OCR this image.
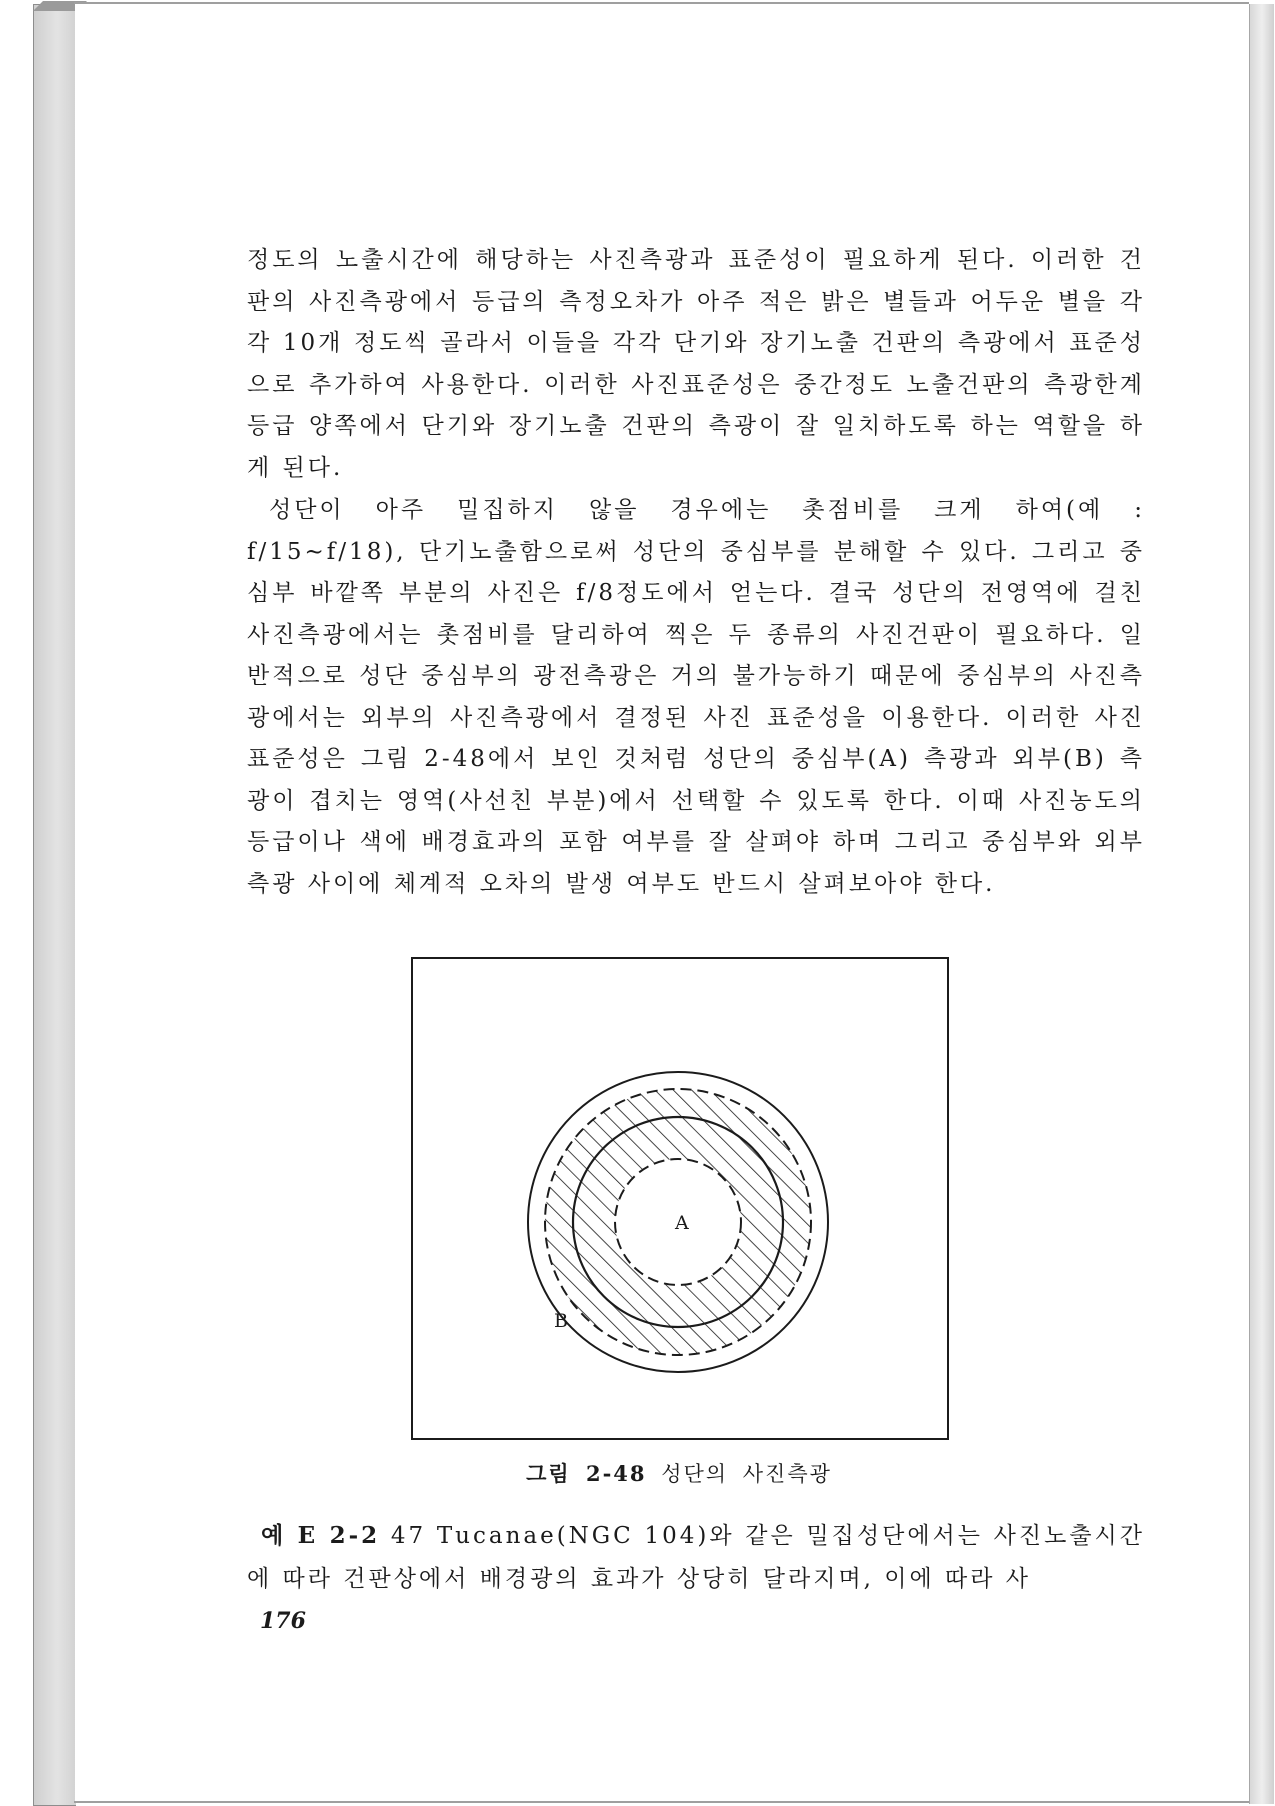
정도의 노출시간에 해당하는 사진측광과 표준성이 필요하게 된다. 이러한 건판의 사진측광에서 등급의 측정오차가 아주 적은 밝은 별들과 어두운 별을 각각 10개 정도씩 골라서 이들을 각각 단기와 장기노출 건판의 측광에서 표준성으로 추가하여 사용한다. 이러한 사진표준성은 중간정도 노출건판의 측광한계등급 양쪽에서 단기와 장기노출 건판의 측광이 잘 일치하도록 하는 역할을 하게 된다.
성단이 아주 밀집하지 않을 경우에는 촛점비를 크게 하여(예 : f/15∼f/18), 단기노출함으로써 성단의 중심부를 분해할 수 있다. 그리고 중심부 바깥쪽 부분의 사진은 f/8정도에서 얻는다. 결국 성단의 전영역에 걸친 사진측광에서는 촛점비를 달리하여 찍은 두 종류의 사진건판이 필요하다. 일반적으로 성단 중심부의 광전측광은 거의 불가능하기 때문에 중심부의 사진측광에서는 외부의 사진측광에서 결정된 사진 표준성을 이용한다. 이러한 사진표준성은 그림 2-48에서 보인 것처럼 성단의 중심부(A) 측광과 외부(B) 측광이 겹치는 영역(사선친 부분)에서 선택할 수 있도록 한다. 이때 사진농도의 등급이나 색에 배경효과의 포함 여부를 잘 살펴야 하며 그리고 중심부와 외부측광 사이에 체계적 오차의 발생 여부도 반드시 살펴보아야 한다.
A
B
그림 2-48 성단의 사진측광
예 E 2-2 47 Tucanae(NGC 104)와 같은 밀집성단에서는 사진노출시간에 따라 건판상에서 배경광의 효과가 상당히 달라지며, 이에 따라 사
176
